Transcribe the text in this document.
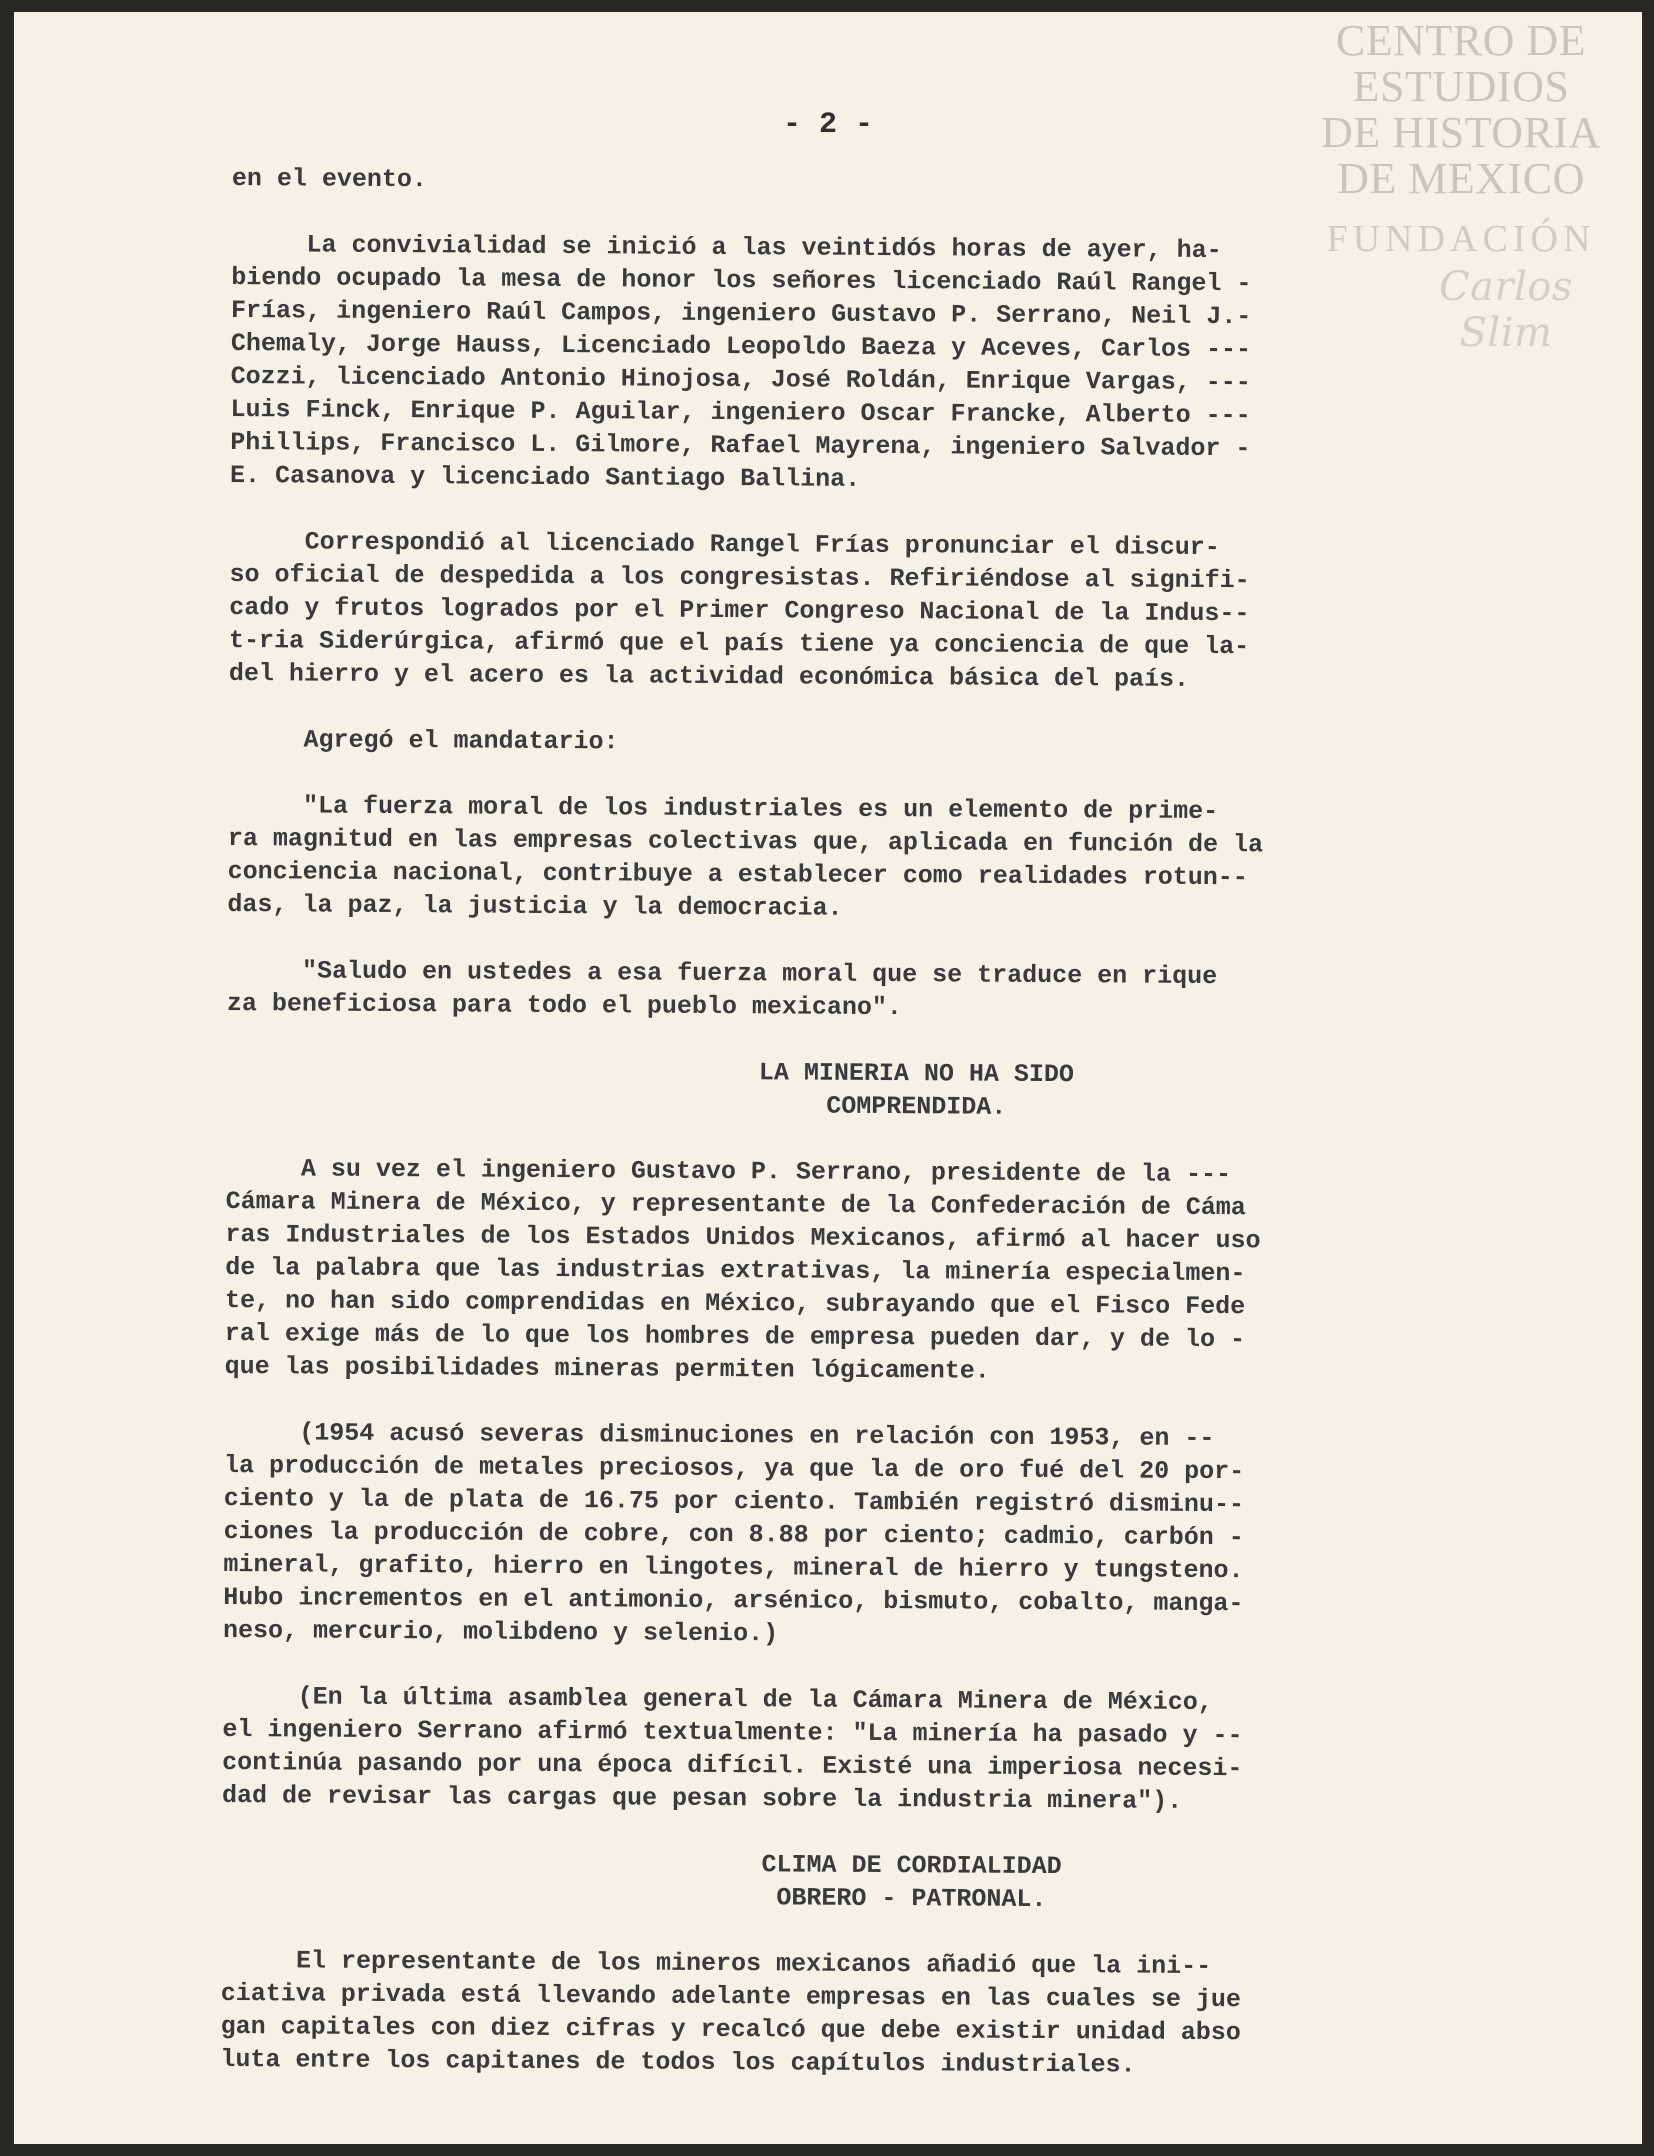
CENTRO DE
ESTUDIOS
DE HISTORIA
DE MEXICO
FUNDACIÓN
Carlos Slim
- 2 -
en el evento.
La convivialidad se inició a las veintidós horas de ayer, ha-
biendo ocupado la mesa de honor los señores licenciado Raúl Rangel -
Frías, ingeniero Raúl Campos, ingeniero Gustavo P. Serrano, Neil J.-
Chemaly, Jorge Hauss, Licenciado Leopoldo Baeza y Aceves, Carlos ---
Cozzi, licenciado Antonio Hinojosa, José Roldán, Enrique Vargas, ---
Luis Finck, Enrique P. Aguilar, ingeniero Oscar Francke, Alberto ---
Phillips, Francisco L. Gilmore, Rafael Mayrena, ingeniero Salvador -
E. Casanova y licenciado Santiago Ballina.
Correspondió al licenciado Rangel Frías pronunciar el discur-
so oficial de despedida a los congresistas. Refiriéndose al signifi-
cado y frutos logrados por el Primer Congreso Nacional de la Indus--
t-ria Siderúrgica, afirmó que el país tiene ya conciencia de que la-
del hierro y el acero es la actividad económica básica del país.
Agregó el mandatario:
"La fuerza moral de los industriales es un elemento de prime-
ra magnitud en las empresas colectivas que, aplicada en función de la
conciencia nacional, contribuye a establecer como realidades rotun--
das, la paz, la justicia y la democracia.
"Saludo en ustedes a esa fuerza moral que se traduce en rique
za beneficiosa para todo el pueblo mexicano".
LA MINERIA NO HA SIDO
COMPRENDIDA.
A su vez el ingeniero Gustavo P. Serrano, presidente de la ---
Cámara Minera de México, y representante de la Confederación de Cáma
ras Industriales de los Estados Unidos Mexicanos, afirmó al hacer uso
de la palabra que las industrias extrativas, la minería especialmen-
te, no han sido comprendidas en México, subrayando que el Fisco Fede
ral exige más de lo que los hombres de empresa pueden dar, y de lo -
que las posibilidades mineras permiten lógicamente.
(1954 acusó severas disminuciones en relación con 1953, en --
la producción de metales preciosos, ya que la de oro fué del 20 por-
ciento y la de plata de 16.75 por ciento. También registró disminu--
ciones la producción de cobre, con 8.88 por ciento; cadmio, carbón -
mineral, grafito, hierro en lingotes, mineral de hierro y tungsteno.
Hubo incrementos en el antimonio, arsénico, bismuto, cobalto, manga-
neso, mercurio, molibdeno y selenio.)
(En la última asamblea general de la Cámara Minera de México,
el ingeniero Serrano afirmó textualmente: "La minería ha pasado y --
continúa pasando por una época difícil. Existé una imperiosa necesi-
dad de revisar las cargas que pesan sobre la industria minera").
CLIMA DE CORDIALIDAD
OBRERO - PATRONAL.
El representante de los mineros mexicanos añadió que la ini--
ciativa privada está llevando adelante empresas en las cuales se jue
gan capitales con diez cifras y recalcó que debe existir unidad abso
luta entre los capitanes de todos los capítulos industriales.
